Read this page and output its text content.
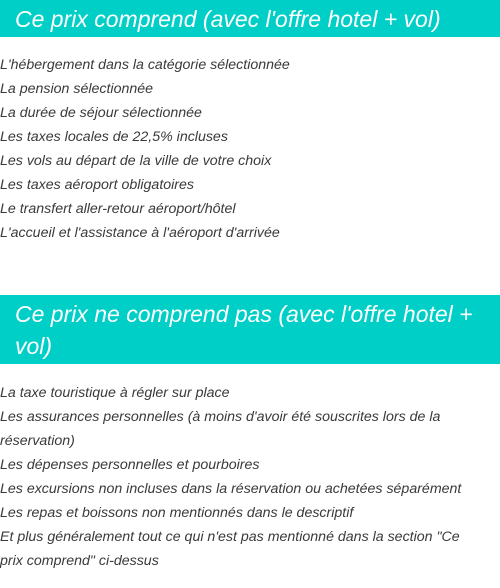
Ce prix comprend (avec l'offre hotel + vol)
L'hébergement dans la catégorie sélectionnée
La pension sélectionnée
La durée de séjour sélectionnée
Les taxes locales de 22,5% incluses
Les vols au départ de la ville de votre choix
Les taxes aéroport obligatoires
Le transfert aller-retour aéroport/hôtel
L'accueil et l'assistance à l'aéroport d'arrivée
Ce prix ne comprend pas (avec l'offre hotel + vol)
La taxe touristique à régler sur place
Les assurances personnelles (à moins d'avoir été souscrites lors de la réservation)
Les dépenses personnelles et pourboires
Les excursions non incluses dans la réservation ou achetées séparément
Les repas et boissons non mentionnés dans le descriptif
Et plus généralement tout ce qui n'est pas mentionné dans la section "Ce prix comprend" ci-dessus
